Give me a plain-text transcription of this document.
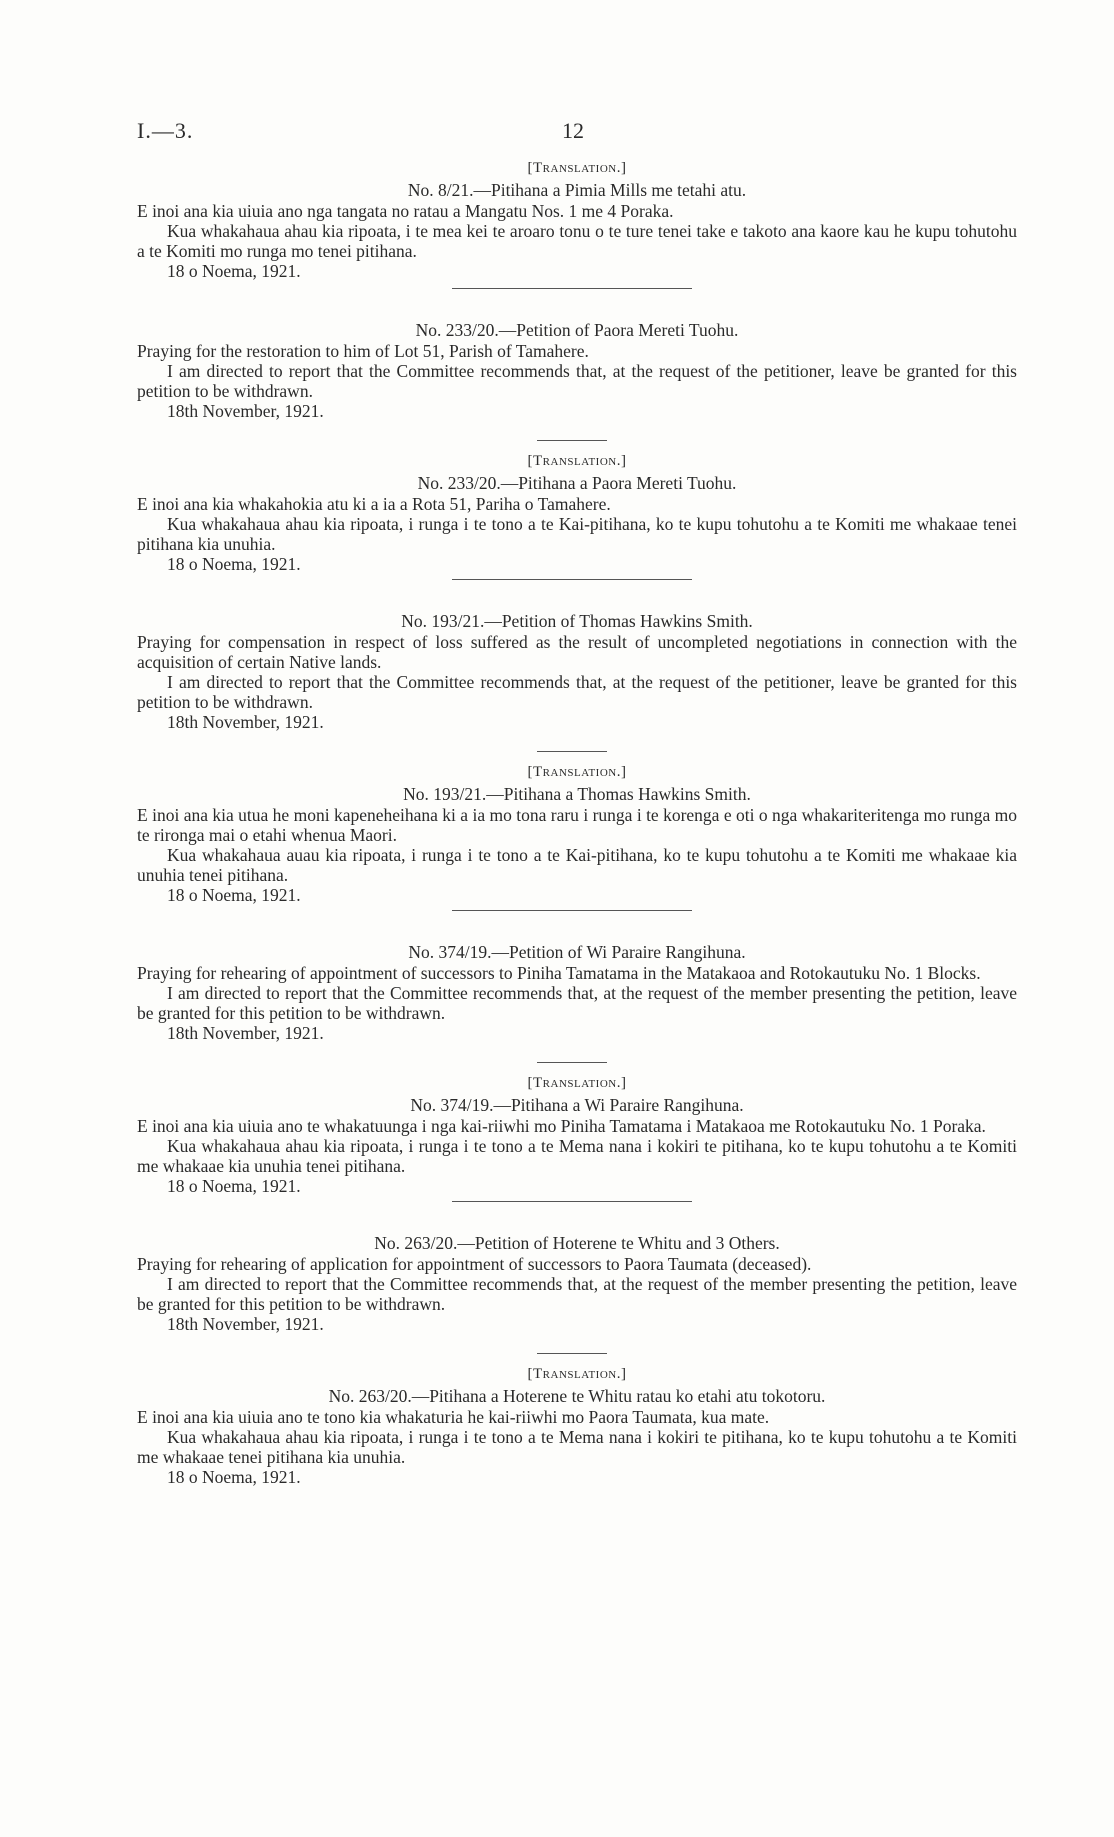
I.—3.	12
[Translation.]

No. 8/21.—Pitihana a Pimia Mills me tetahi atu.

E inoi ana kia uiuia ano nga tangata no ratau a Mangatu Nos. 1 me 4 Poraka.

Kua whakahaua ahau kia ripoata, i te mea kei te aroaro tonu o te ture tenei take e takoto ana kaore kau he kupu tohutohu a te Komiti mo runga mo tenei pitihana.

18 o Noema, 1921.

No. 233/20.—Petition of Paora Mereti Tuohu.

Praying for the restoration to him of Lot 51, Parish of Tamahere.

I am directed to report that the Committee recommends that, at the request of the petitioner, leave be granted for this petition to be withdrawn.

18th November, 1921.

[Translation.]

No. 233/20.—Pitihana a Paora Mereti Tuohu.

E inoi ana kia whakahokia atu ki a ia a Rota 51, Pariha o Tamahere.

Kua whakahaua ahau kia ripoata, i runga i te tono a te Kai-pitihana, ko te kupu tohutohu a te Komiti me whakaae tenei pitihana kia unuhia.

18 o Noema, 1921.

No. 193/21.—Petition of Thomas Hawkins Smith.

Praying for compensation in respect of loss suffered as the result of uncompleted negotiations in connection with the acquisition of certain Native lands.

I am directed to report that the Committee recommends that, at the request of the petitioner, leave be granted for this petition to be withdrawn.

18th November, 1921.

[Translation.]

No. 193/21.—Pitihana a Thomas Hawkins Smith.

E inoi ana kia utua he moni kapeneheihana ki a ia mo tona raru i runga i te korenga e oti o nga whakariteritenga mo runga mo te rironga mai o etahi whenua Maori.

Kua whakahaua auau kia ripoata, i runga i te tono a te Kai-pitihana, ko te kupu tohutohu a te Komiti me whakaae kia unuhia tenei pitihana.

18 o Noema, 1921.

No. 374/19.—Petition of Wi Paraire Rangihuna.

Praying for rehearing of appointment of successors to Piniha Tamatama in the Matakaoa and Rotokautuku No. 1 Blocks.

I am directed to report that the Committee recommends that, at the request of the member presenting the petition, leave be granted for this petition to be withdrawn.

18th November, 1921.

[Translation.]

No. 374/19.—Pitihana a Wi Paraire Rangihuna.

E inoi ana kia uiuia ano te whakatuunga i nga kai-riiwhi mo Piniha Tamatama i Matakaoa me Rotokautuku No. 1 Poraka.

Kua whakahaua ahau kia ripoata, i runga i te tono a te Mema nana i kokiri te pitihana, ko te kupu tohutohu a te Komiti me whakaae kia unuhia tenei pitihana.

18 o Noema, 1921.

No. 263/20.—Petition of Hoterene te Whitu and 3 Others.

Praying for rehearing of application for appointment of successors to Paora Taumata (deceased).

I am directed to report that the Committee recommends that, at the request of the member presenting the petition, leave be granted for this petition to be withdrawn.

18th November, 1921.

[Translation.]

No. 263/20.—Pitihana a Hoterene te Whitu ratau ko etahi atu tokotoru.

E inoi ana kia uiuia ano te tono kia whakaturia he kai-riiwhi mo Paora Taumata, kua mate.

Kua whakahaua ahau kia ripoata, i runga i te tono a te Mema nana i kokiri te pitihana, ko te kupu tohutohu a te Komiti me whakaae tenei pitihana kia unuhia.

18 o Noema, 1921.
